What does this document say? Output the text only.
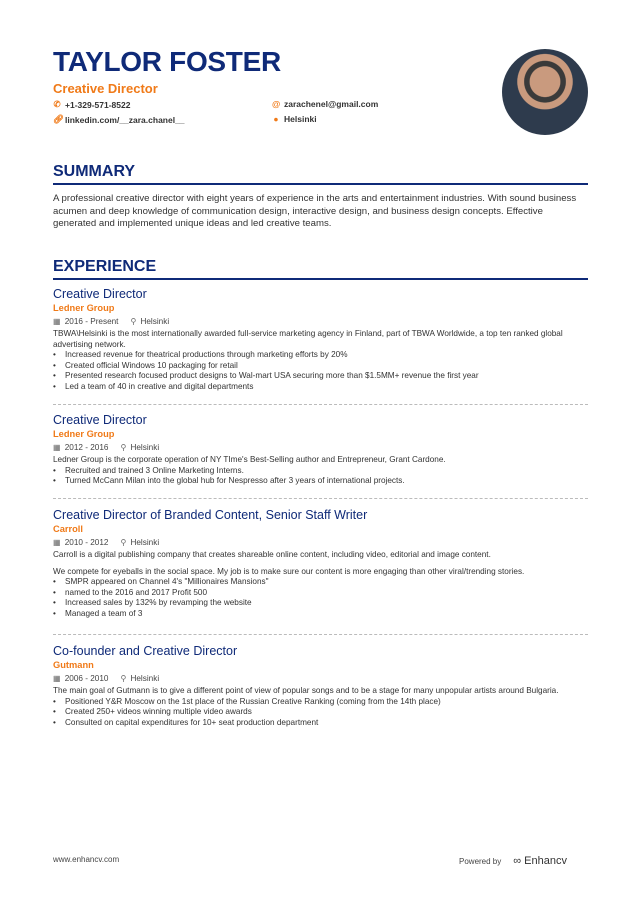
TAYLOR FOSTER
Creative Director
✆ +1-329-571-8522
🔗︎ linkedin.com/__zara.chanel__
@ zarachenel@gmail.com
● Helsinki
SUMMARY
A professional creative director with eight years of experience in the arts and entertainment industries. With sound business acumen and deep knowledge of communication design, interactive design, and business design concepts. Effective generated and implemented unique ideas and led creative teams.
EXPERIENCE
Creative Director
Ledner Group
▦ 2016 - Present ⚲ Helsinki

TBWA\Helsinki is the most internationally awarded full-service marketing agency in Finland, part of TBWA Worldwide, a top ten ranked global advertising network.

• Increased revenue for theatrical productions through marketing efforts by 20%
• Created official Windows 10 packaging for retail
• Presented research focused product designs to Wal-mart USA securing more than $1.5MM+ revenue the first year
• Led a team of 40 in creative and digital departments
Creative Director
Ledner Group
▦ 2012 - 2016 ⚲ Helsinki

Ledner Group is the corporate operation of NY TIme's Best-Selling author and Entrepreneur, Grant Cardone.

• Recruited and trained 3 Online Marketing Interns.
• Turned McCann Milan into the global hub for Nespresso after 3 years of international projects.
Creative Director of Branded Content, Senior Staff Writer
Carroll
▦ 2010 - 2012 ⚲ Helsinki

Carroll is a digital publishing company that creates shareable online content, including video, editorial and image content.

We compete for eyeballs in the social space. My job is to make sure our content is more engaging than other viral/trending stories.

• SMPR appeared on Channel 4's "Millionaires Mansions"
• named to the 2016 and 2017 Profit 500
• Increased sales by 132% by revamping the website
• Managed a team of 3
Co-founder and Creative Director
Gutmann
▦ 2006 - 2010 ⚲ Helsinki

The main goal of Gutmann is to give a different point of view of popular songs and to be a stage for many unpopular artists around Bulgaria.

• Positioned Y&R Moscow on the 1st place of the Russian Creative Ranking (coming from the 14th place)
• Created 250+ videos winning multiple video awards
• Consulted on capital expenditures for 10+ seat production department
www.enhancv.com	Powered by ∞ Enhancv
